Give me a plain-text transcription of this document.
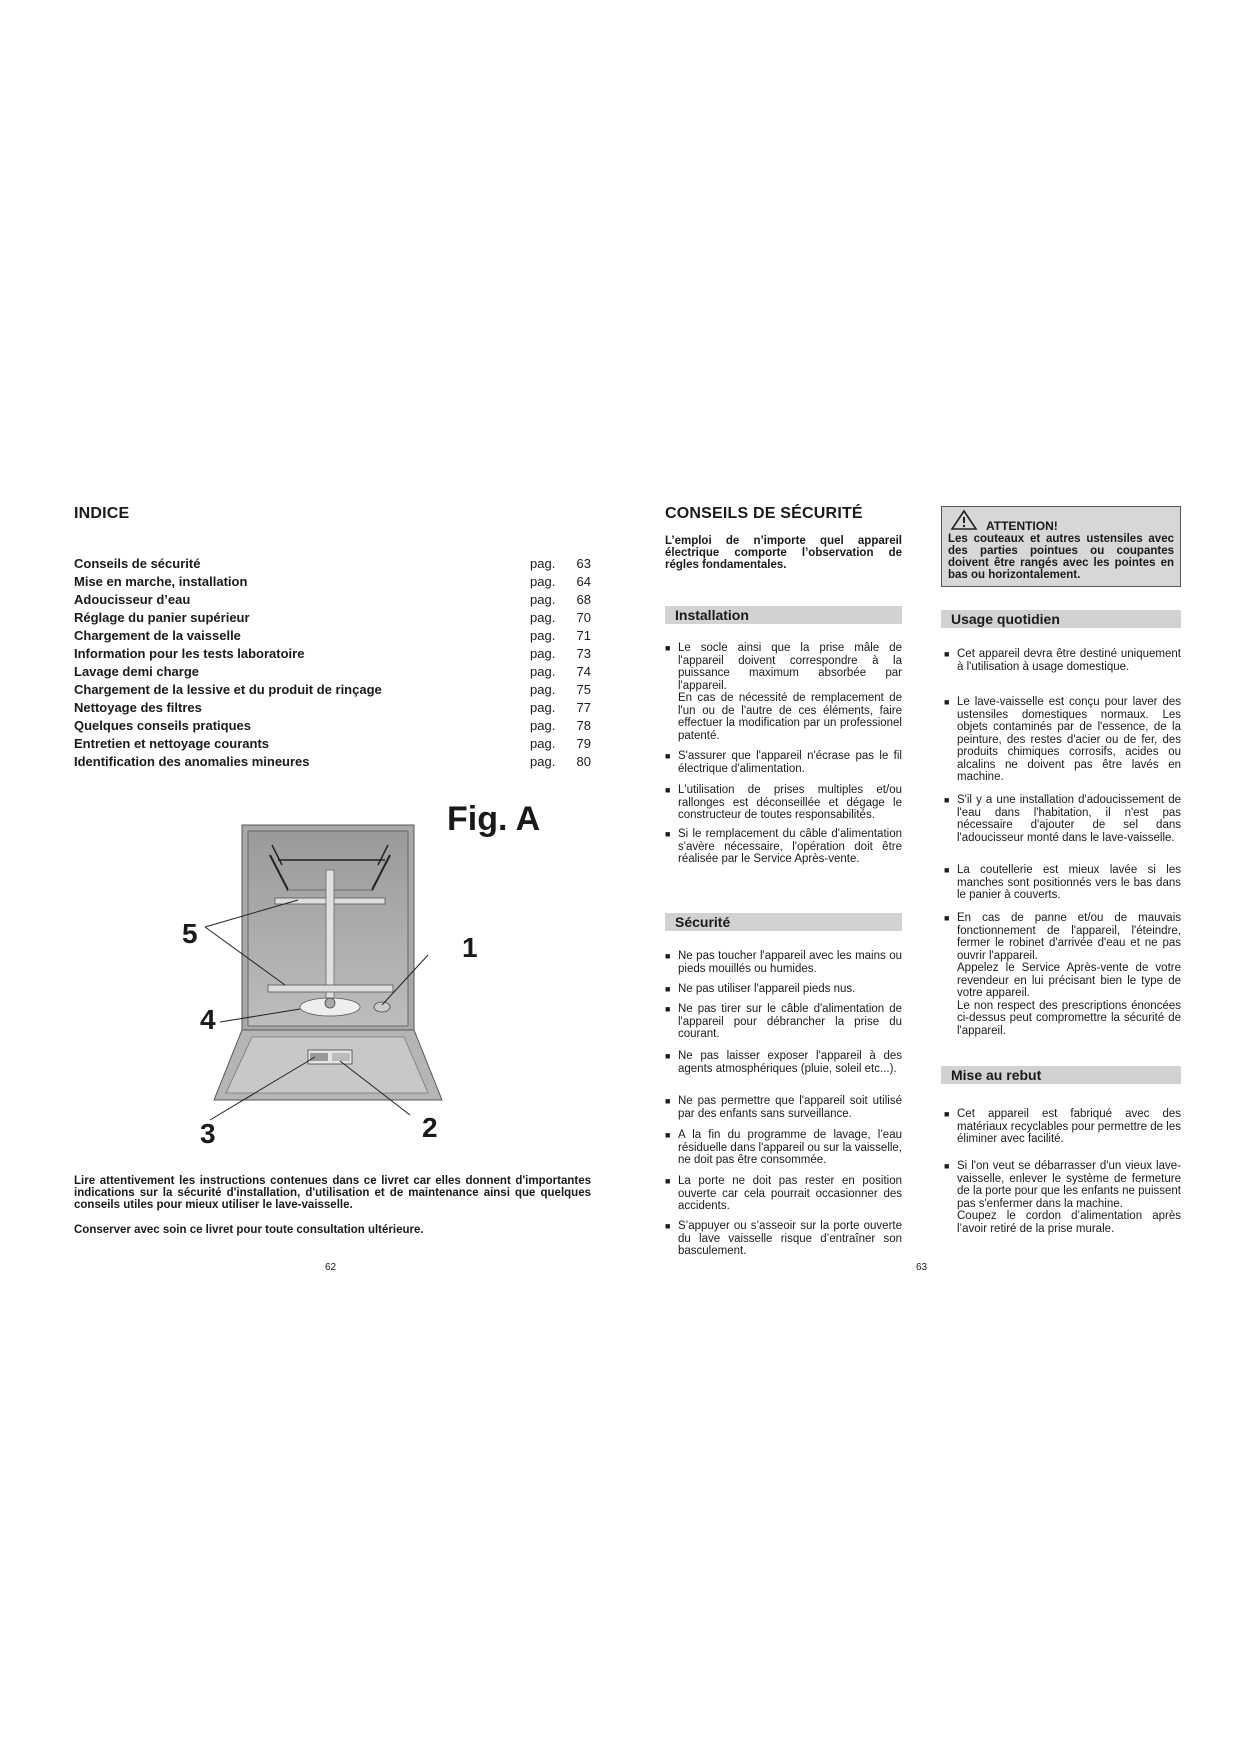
INDICE
Conseils de sécurité	pag. 63
Mise en marche, installation	pag. 64
Adoucisseur d’eau	pag. 68
Réglage du panier supérieur	pag. 70
Chargement de la vaisselle	pag. 71
Information pour les tests laboratoire	pag. 73
Lavage demi charge	pag. 74
Chargement de la lessive et du produit de rinçage	pag. 75
Nettoyage des filtres	pag. 77
Quelques conseils pratiques	pag. 78
Entretien et nettoyage courants	pag. 79
Identification des anomalies mineures	pag. 80
Fig. A
5	1
4
3	2
Lire attentivement les instructions contenues dans ce livret car elles donnent d'importantes indications sur la sécurité d'installation, d'utilisation et de maintenance ainsi que quelques conseils utiles pour mieux utiliser le lave-vaisselle.
Conserver avec soin ce livret pour toute consultation ultérieure.
62
CONSEILS DE SÉCURITÉ
L’emploi de n’importe quel appareil électrique comporte l’observation de régles fondamentales.
ATTENTION!
Les couteaux et autres ustensiles avec des parties pointues ou coupantes doivent être rangés avec les pointes en bas ou horizontalement.
Installation
■ Le socle ainsi que la prise mâle de l'appareil doivent correspondre à la puissance maximum absorbée par l'appareil.
En cas de nécessité de remplacement de l'un ou de l'autre de ces éléments, faire effectuer la modification par un professionel patenté.
■ S'assurer que l'appareil n'écrase pas le fil électrique d'alimentation.
■ L'utilisation de prises multiples et/ou rallonges est déconseillée et dégage le constructeur de toutes responsabilités.
■ Si le remplacement du câble d'alimentation s'avère nécessaire, l'opération doit être réalisée par le Service Après-vente.
Sécurité
■ Ne pas toucher l'appareil avec les mains ou pieds mouillés ou humides.
■ Ne pas utiliser l'appareil pieds nus.
■ Ne pas tirer sur le câble d'alimentation de l'appareil pour débrancher la prise du courant.
■ Ne pas laisser exposer l'appareil à des agents atmosphériques (pluie, soleil etc...).
■ Ne pas permettre que l'appareil soit utilisé par des enfants sans surveillance.
■ A la fin du programme de lavage, l’eau résiduelle dans l'appareil ou sur la vaisselle, ne doit pas être consommée.
■ La porte ne doit pas rester en position ouverte car cela pourrait occasionner des accidents.
■ S’appuyer ou s’asseoir sur la porte ouverte du lave vaisselle risque d’entraîner son basculement.
Usage quotidien
■ Cet appareil devra être destiné uniquement à l'utilisation à usage domestique.
■ Le lave-vaisselle est conçu pour laver des ustensiles domestiques normaux. Les objets contaminés par de l'essence, de la peinture, des restes d'acier ou de fer, des produits chimiques corrosifs, acides ou alcalins ne doivent pas être lavés en machine.
■ S'il y a une installation d'adoucissement de l'eau dans l'habitation, il n'est pas nécessaire d'ajouter de sel dans l'adoucisseur monté dans le lave-vaisselle.
■ La coutellerie est mieux lavée si les manches sont positionnés vers le bas dans le panier à couverts.
■ En cas de panne et/ou de mauvais fonctionnement de l'appareil, l'éteindre, fermer le robinet d'arrivée d'eau et ne pas ouvrir l'appareil.
Appelez le Service Après-vente de votre revendeur en lui précisant bien le type de votre appareil.
Le non respect des prescriptions énoncées ci-dessus peut compromettre la sécurité de l'appareil.
Mise au rebut
■ Cet appareil est fabriqué avec des matériaux recyclables pour permettre de les éliminer avec facilité.
■ Si l'on veut se débarrasser d'un vieux lave-vaisselle, enlever le système de fermeture de la porte pour que les enfants ne puissent pas s'enfermer dans la machine.
Coupez le cordon d’alimentation après l’avoir retiré de la prise murale.
63
